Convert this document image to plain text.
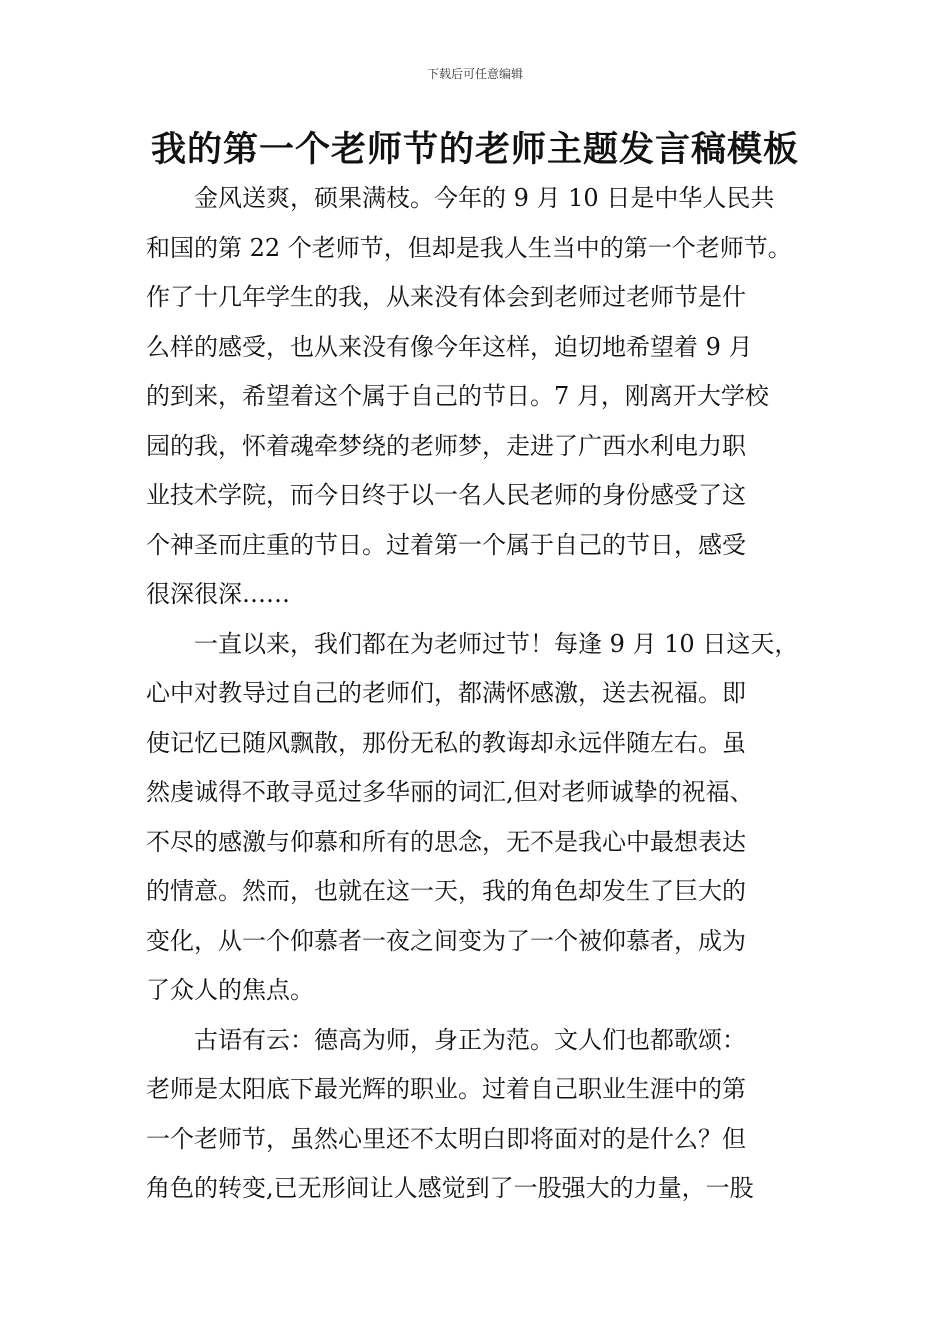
下载后可任意编辑
我的第一个老师节的老师主题发言稿模板

　　金风送爽，硕果满枝。今年的 9 月 10 日是中华人民共
和国的第 22 个老师节，但却是我人生当中的第一个老师节。
作了十几年学生的我，从来没有体会到老师过老师节是什
么样的感受，也从来没有像今年这样，迫切地希望着 9 月
的到来，希望着这个属于自己的节日。7 月，刚离开大学校
园的我，怀着魂牵梦绕的老师梦，走进了广西水利电力职
业技术学院，而今日终于以一名人民老师的身份感受了这
个神圣而庄重的节日。过着第一个属于自己的节日，感受
很深很深……

　　一直以来，我们都在为老师过节！每逢 9 月 10 日这天，
心中对教导过自己的老师们，都满怀感激，送去祝福。即
使记忆已随风飘散，那份无私的教诲却永远伴随左右。虽
然虔诚得不敢寻觅过多华丽的词汇,但对老师诚挚的祝福、
不尽的感激与仰慕和所有的思念，无不是我心中最想表达
的情意。然而，也就在这一天，我的角色却发生了巨大的
变化，从一个仰慕者一夜之间变为了一个被仰慕者，成为
了众人的焦点。

　　古语有云：德高为师，身正为范。文人们也都歌颂：
老师是太阳底下最光辉的职业。过着自己职业生涯中的第
一个老师节，虽然心里还不太明白即将面对的是什么？但
角色的转变,已无形间让人感觉到了一股强大的力量，一股
